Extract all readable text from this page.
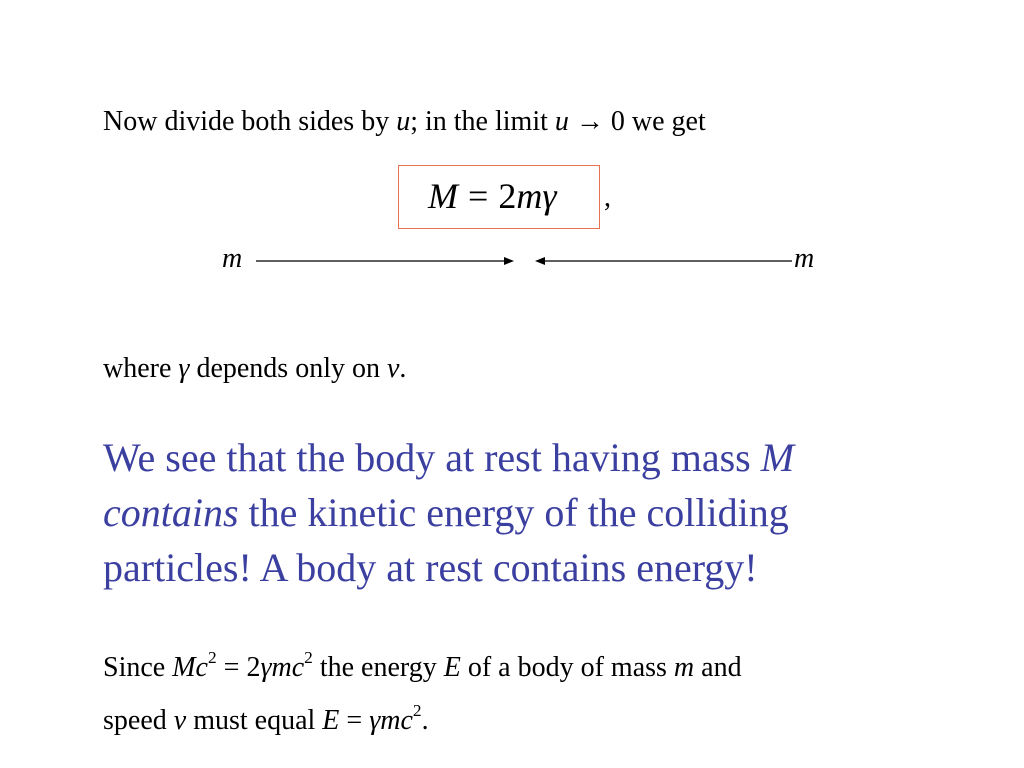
Now divide both sides by u; in the limit u → 0 we get
M = 2mγ ,
m	m
where γ depends only on v.
We see that the body at rest having mass M
contains the kinetic energy of the colliding
particles! A body at rest contains energy!
Since $Mc^2 = 2\gamma mc^2$ the energy E of a body of mass m and
speed v must equal E = γmc$^2$.
